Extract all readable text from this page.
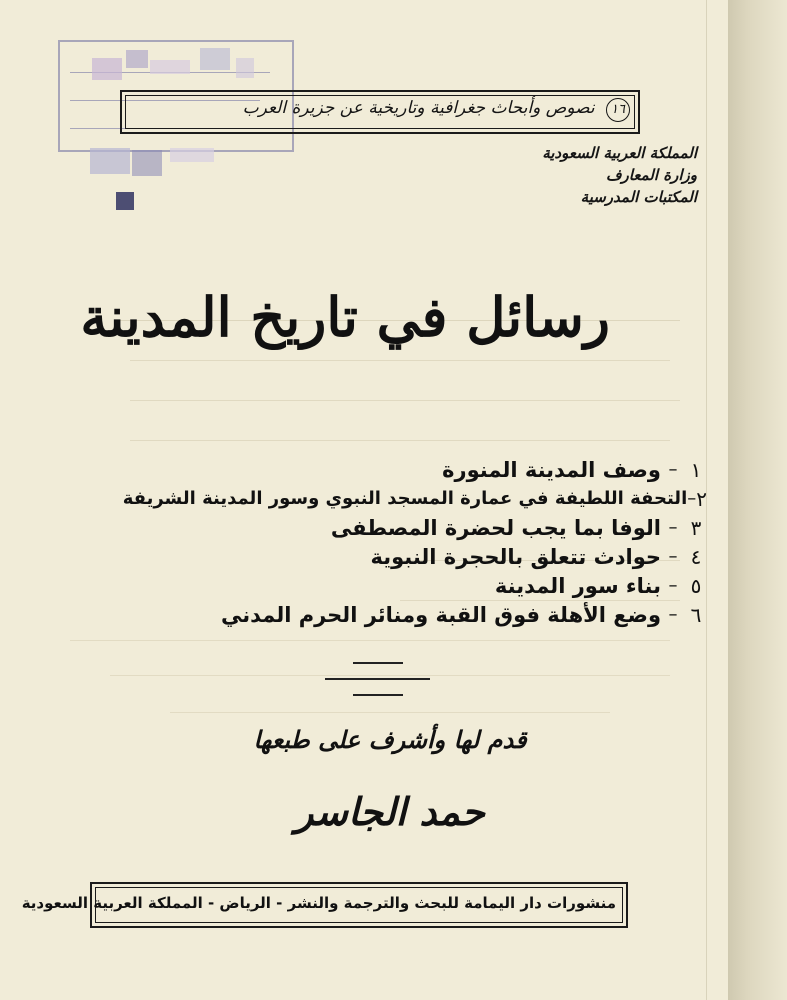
١٦ نصوص وأبحاث جغرافية وتاريخية عن جزيرة العرب
المملكة العربية السعودية
وزارة المعارف
المكتبات المدرسية
رسائل في تاريخ المدينة
١
–
وصف المدينة المنورة
٢
–
التحفة اللطيفة في عمارة المسجد النبوي وسور المدينة الشريفة
٣
–
الوفا بما يجب لحضرة المصطفى
٤
–
حوادث تتعلق بالحجرة النبوية
٥
–
بناء سور المدينة
٦
–
وضع الأهلة فوق القبة ومنائر الحرم المدني
قدم لها وأشرف على طبعها
حمد الجاسر
منشورات دار اليمامة للبحث والترجمة والنشر - الرياض - المملكة العربية السعودية
